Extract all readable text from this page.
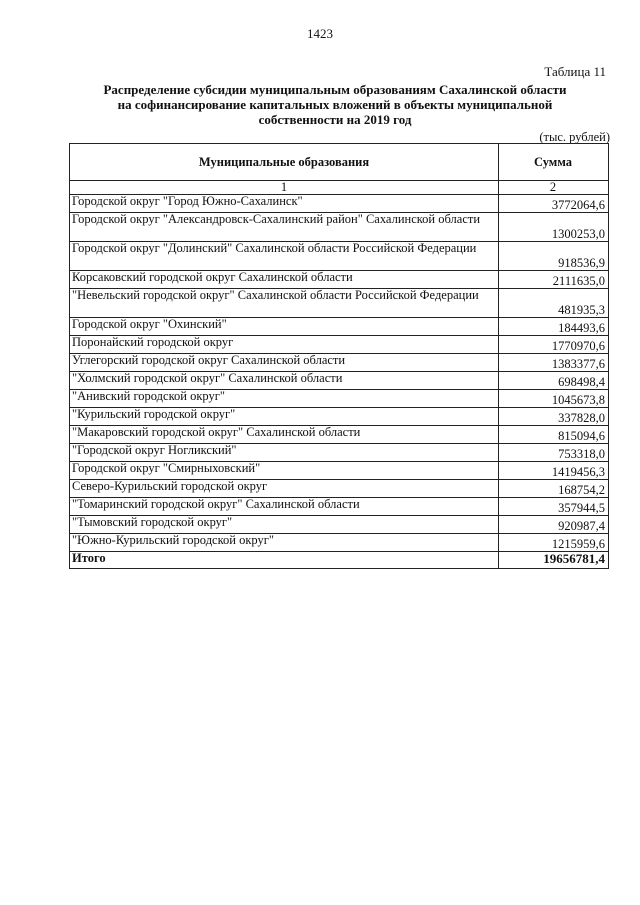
1423
Таблица 11
Распределение субсидии муниципальным образованиям Сахалинской области
на софинансирование капитальных вложений в объекты муниципальной
собственности на 2019 год
(тыс. рублей)
Муниципальные образования	Сумма
1	2
Городской округ "Город Южно-Сахалинск"	3772064,6
Городской округ "Александровск-Сахалинский район" Сахалинской области	1300253,0
Городской округ "Долинский" Сахалинской области Российской Федерации	918536,9
Корсаковский городской округ Сахалинской области	2111635,0
"Невельский городской округ" Сахалинской области Российской Федерации	481935,3
Городской округ "Охинский"	184493,6
Поронайский городской округ	1770970,6
Углегорский городской округ Сахалинской области	1383377,6
"Холмский городской округ" Сахалинской области	698498,4
"Анивский городской округ"	1045673,8
"Курильский городской округ"	337828,0
"Макаровский городской округ" Сахалинской области	815094,6
"Городской округ Ногликский"	753318,0
Городской округ "Смирныховский"	1419456,3
Северо-Курильский городской округ	168754,2
"Томаринский городской округ" Сахалинской области	357944,5
"Тымовский городской округ"	920987,4
"Южно-Курильский городской округ"	1215959,6
Итого	19656781,4
